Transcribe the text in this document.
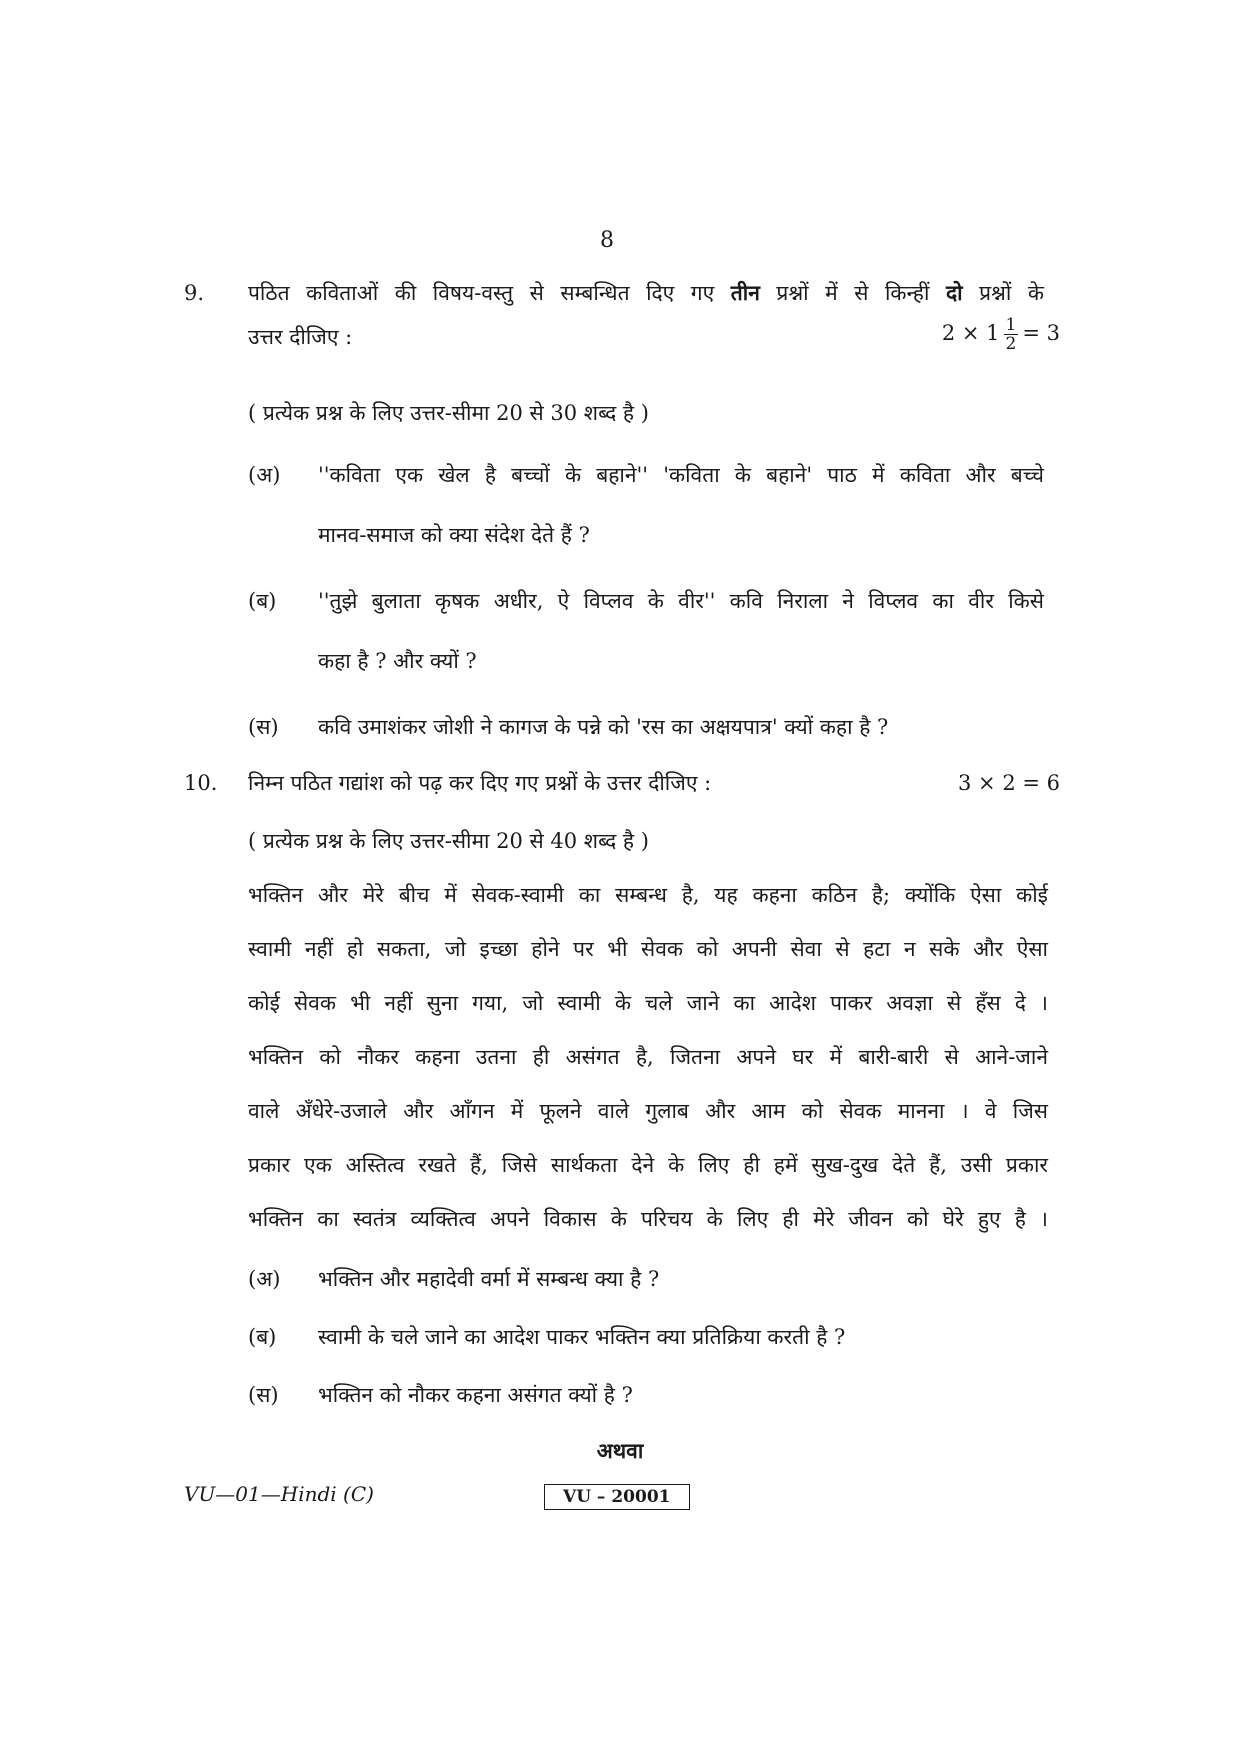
8
9. पठित कविताओं की विषय-वस्तु से सम्बन्धित दिए गए तीन प्रश्नों में से किन्हीं दो प्रश्नों के
उत्तर दीजिए :	$2 \times 1 \frac{1}{2} = 3$
( प्रत्येक प्रश्न के लिए उत्तर-सीमा 20 से 30 शब्द है )
(अ) ''कविता एक खेल है बच्चों के बहाने'' 'कविता के बहाने' पाठ में कविता और बच्चे
मानव-समाज को क्या संदेश देते हैं ?
(ब) ''तुझे बुलाता कृषक अधीर, ऐ विप्लव के वीर'' कवि निराला ने विप्लव का वीर किसे
कहा है ? और क्यों ?
(स) कवि उमाशंकर जोशी ने कागज के पन्ने को 'रस का अक्षयपात्र' क्यों कहा है ?
10. निम्न पठित गद्यांश को पढ़ कर दिए गए प्रश्नों के उत्तर दीजिए :	3 × 2 = 6
( प्रत्येक प्रश्न के लिए उत्तर-सीमा 20 से 40 शब्द है )
भक्तिन और मेरे बीच में सेवक-स्वामी का सम्बन्ध है, यह कहना कठिन है; क्योंकि ऐसा कोई
स्वामी नहीं हो सकता, जो इच्छा होने पर भी सेवक को अपनी सेवा से हटा न सके और ऐसा
कोई सेवक भी नहीं सुना गया, जो स्वामी के चले जाने का आदेश पाकर अवज्ञा से हँस दे ।
भक्तिन को नौकर कहना उतना ही असंगत है, जितना अपने घर में बारी-बारी से आने-जाने
वाले अँधेरे-उजाले और आँगन में फूलने वाले गुलाब और आम को सेवक मानना । वे जिस
प्रकार एक अस्तित्व रखते हैं, जिसे सार्थकता देने के लिए ही हमें सुख-दुख देते हैं, उसी प्रकार
भक्तिन का स्वतंत्र व्यक्तित्व अपने विकास के परिचय के लिए ही मेरे जीवन को घेरे हुए है ।
(अ) भक्तिन और महादेवी वर्मा में सम्बन्ध क्या है ?
(ब) स्वामी के चले जाने का आदेश पाकर भक्तिन क्या प्रतिक्रिया करती है ?
(स) भक्तिन को नौकर कहना असंगत क्यों है ?
अथवा
VU—01—Hindi (C)	VU – 20001
